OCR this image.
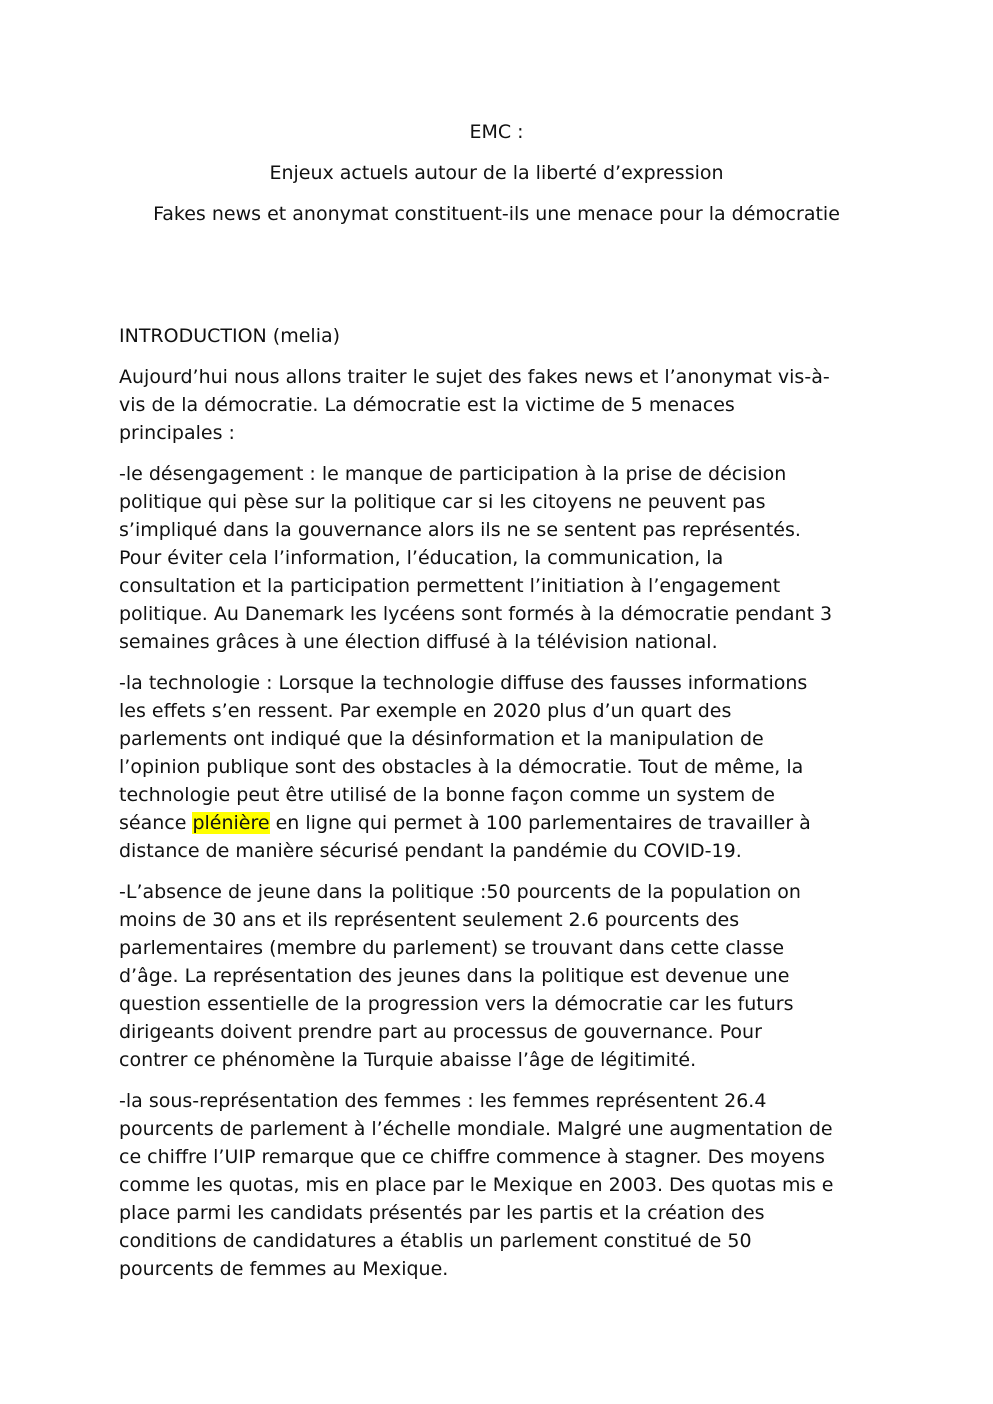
EMC :

Enjeux actuels autour de la liberté d’expression

Fakes news et anonymat constituent-ils une menace pour la démocratie

INTRODUCTION (melia)

Aujourd’hui nous allons traiter le sujet des fakes news et l’anonymat vis-à-
vis de la démocratie. La démocratie est la victime de 5 menaces
principales :

-le désengagement : le manque de participation à la prise de décision
politique qui pèse sur la politique car si les citoyens ne peuvent pas
s’impliqué dans la gouvernance alors ils ne se sentent pas représentés.
Pour éviter cela l’information, l’éducation, la communication, la
consultation et la participation permettent l’initiation à l’engagement
politique. Au Danemark les lycéens sont formés à la démocratie pendant 3
semaines grâces à une élection diffusé à la télévision national.

-la technologie : Lorsque la technologie diffuse des fausses informations
les effets s’en ressent. Par exemple en 2020 plus d’un quart des
parlements ont indiqué que la désinformation et la manipulation de
l’opinion publique sont des obstacles à la démocratie. Tout de même, la
technologie peut être utilisé de la bonne façon comme un system de
séance plénière en ligne qui permet à 100 parlementaires de travailler à
distance de manière sécurisé pendant la pandémie du COVID-19.

-L’absence de jeune dans la politique :50 pourcents de la population on
moins de 30 ans et ils représentent seulement 2.6 pourcents des
parlementaires (membre du parlement) se trouvant dans cette classe
d’âge. La représentation des jeunes dans la politique est devenue une
question essentielle de la progression vers la démocratie car les futurs
dirigeants doivent prendre part au processus de gouvernance. Pour
contrer ce phénomène la Turquie abaisse l’âge de légitimité.

-la sous-représentation des femmes : les femmes représentent 26.4
pourcents de parlement à l’échelle mondiale. Malgré une augmentation de
ce chiffre l’UIP remarque que ce chiffre commence à stagner. Des moyens
comme les quotas, mis en place par le Mexique en 2003. Des quotas mis e
place parmi les candidats présentés par les partis et la création des
conditions de candidatures a établis un parlement constitué de 50
pourcents de femmes au Mexique.
